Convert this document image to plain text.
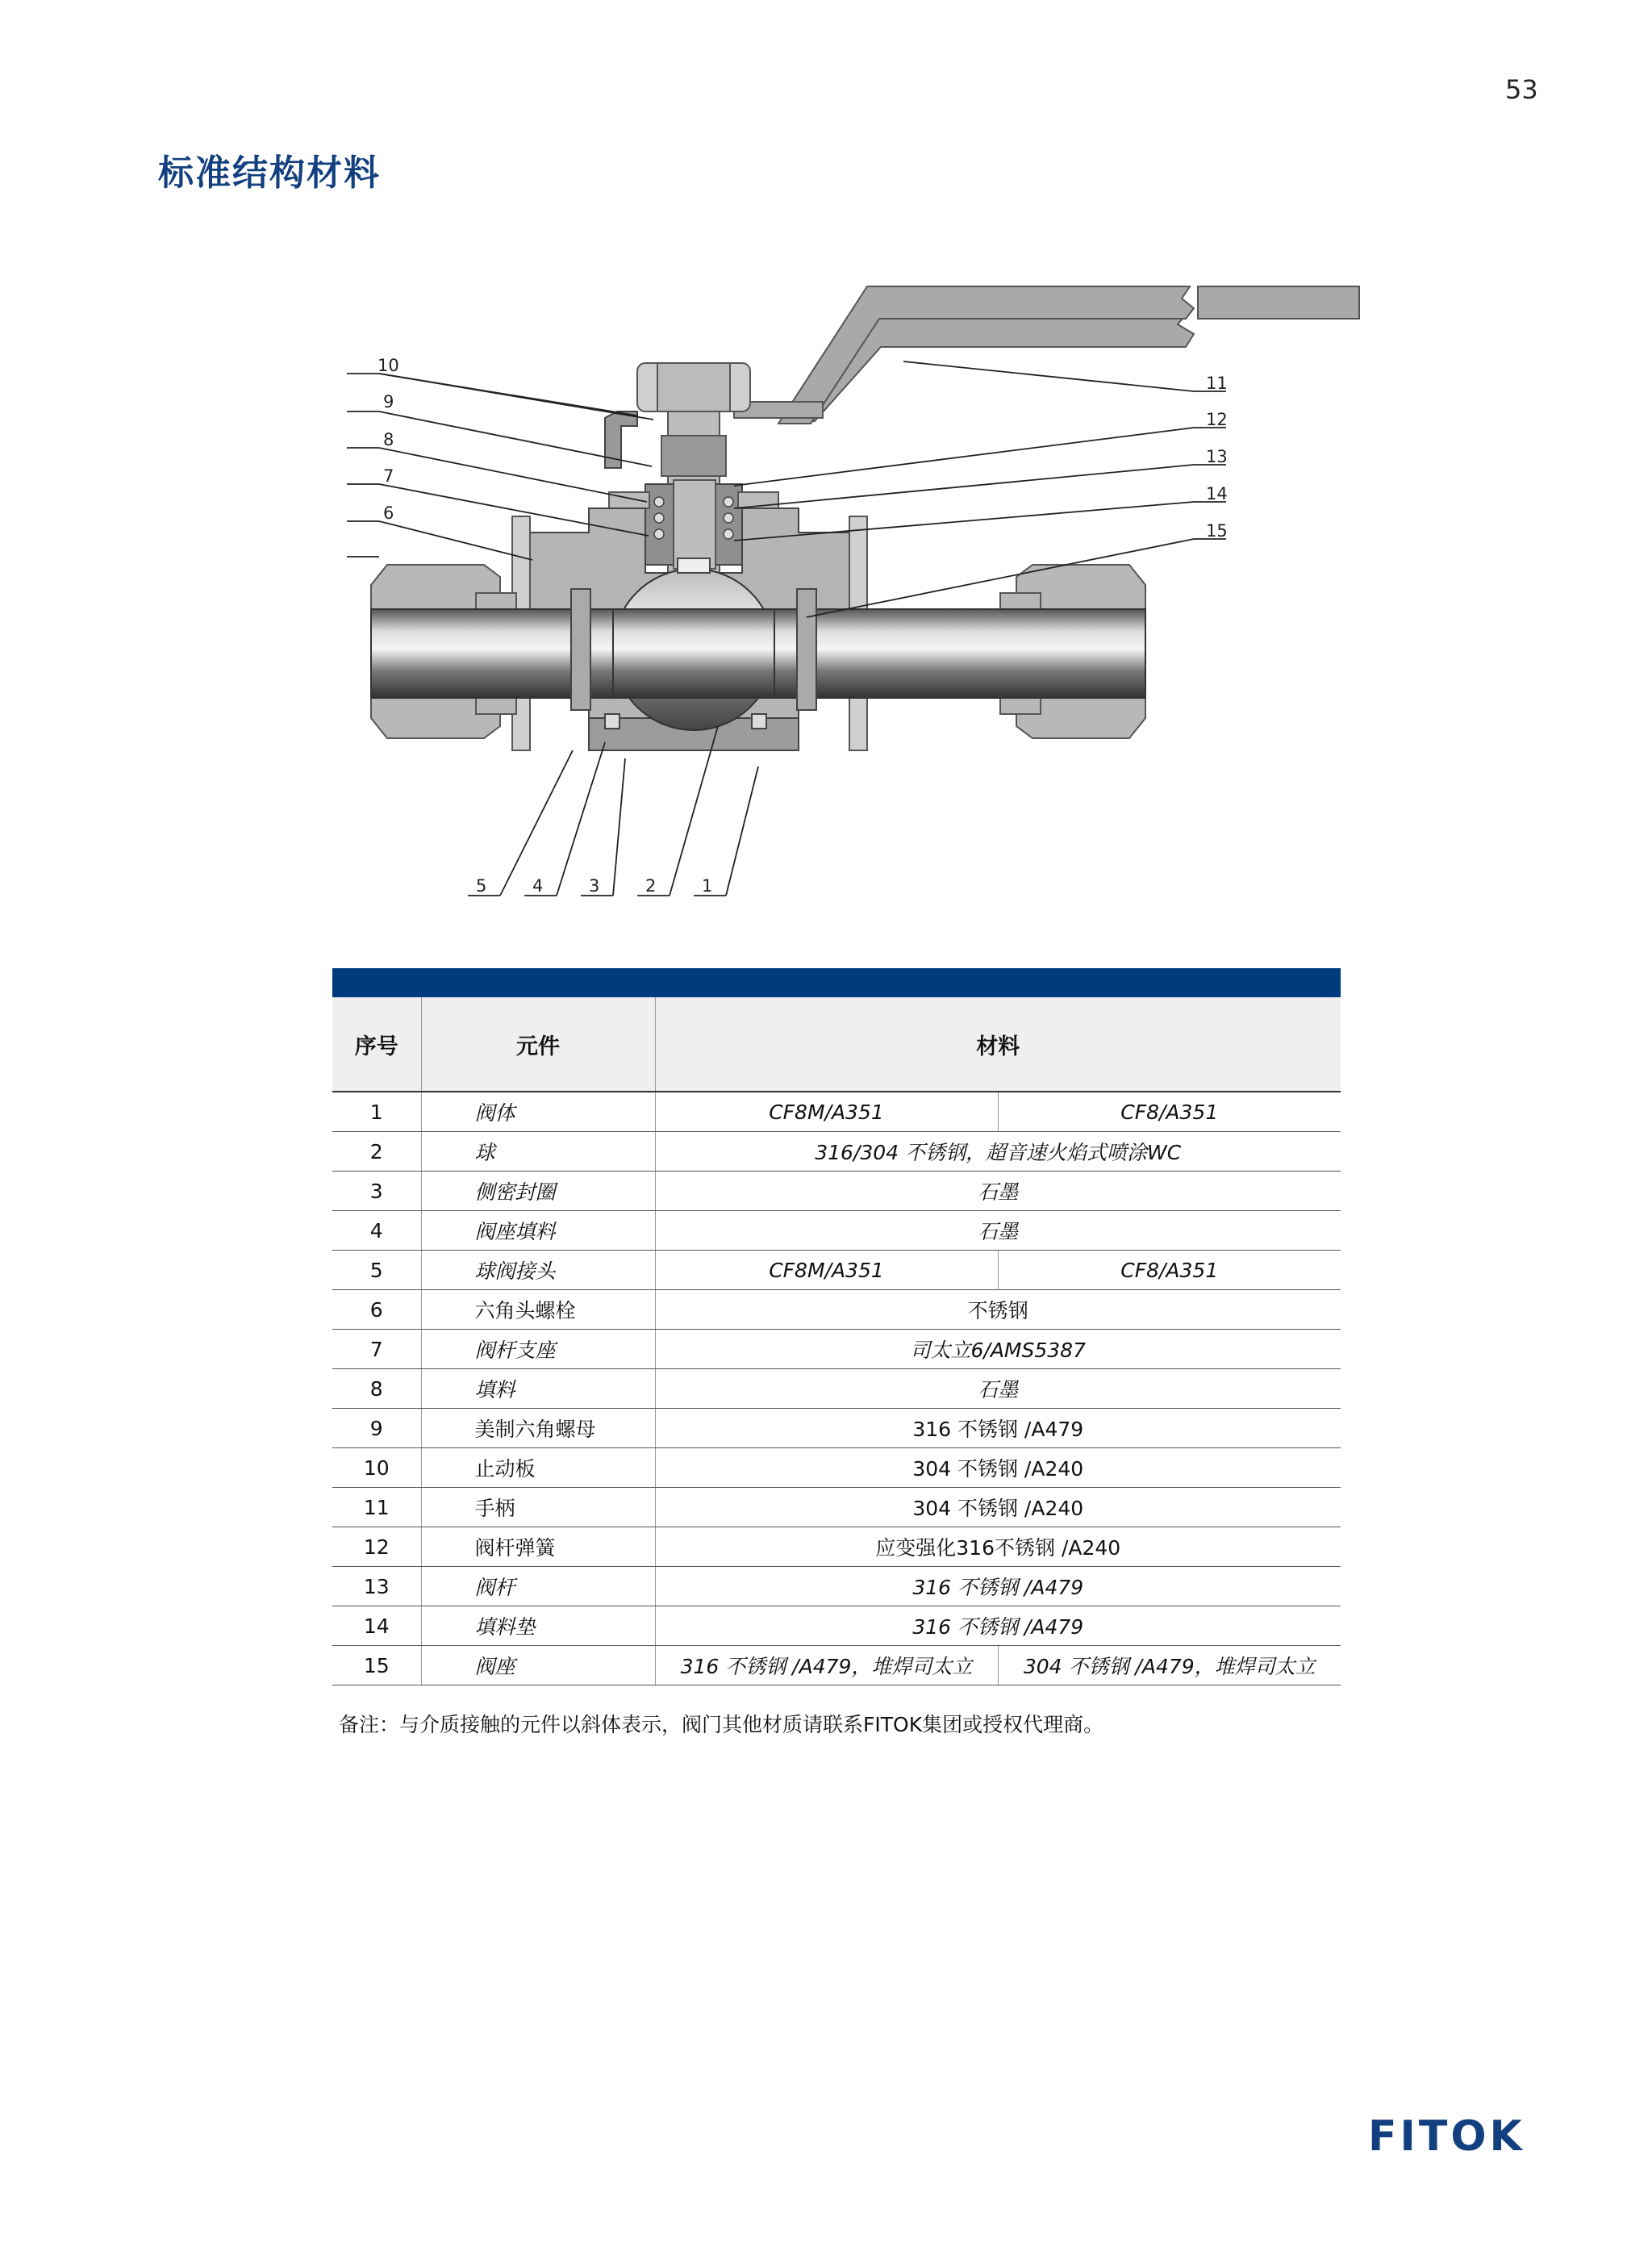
53
标准结构材料
10
9
8
7
6
11
12
13
14
15
5	4	3	2	1
序号	元件	材料	
1	阀体	CF8M/A351	CF8/A351
2	球	316/304 不锈钢，超音速火焰式喷涂WC	
3	侧密封圈	石墨	
4	阀座填料	石墨	
5	球阀接头	CF8M/A351	CF8/A351
6	六角头螺栓	不锈钢	
7	阀杆支座	司太立6/AMS5387	
8	填料	石墨	
9	美制六角螺母	316 不锈钢 /A479	
10	止动板	304 不锈钢 /A240	
11	手柄	304 不锈钢 /A240	
12	阀杆弹簧	应变强化316不锈钢 /A240	
13	阀杆	316 不锈钢 /A479	
14	填料垫	316 不锈钢 /A479	
15	阀座	316 不锈钢 /A479，堆焊司太立	304 不锈钢 /A479，堆焊司太立
备注：与介质接触的元件以斜体表示，阀门其他材质请联系FITOK集团或授权代理商。
FITOK
